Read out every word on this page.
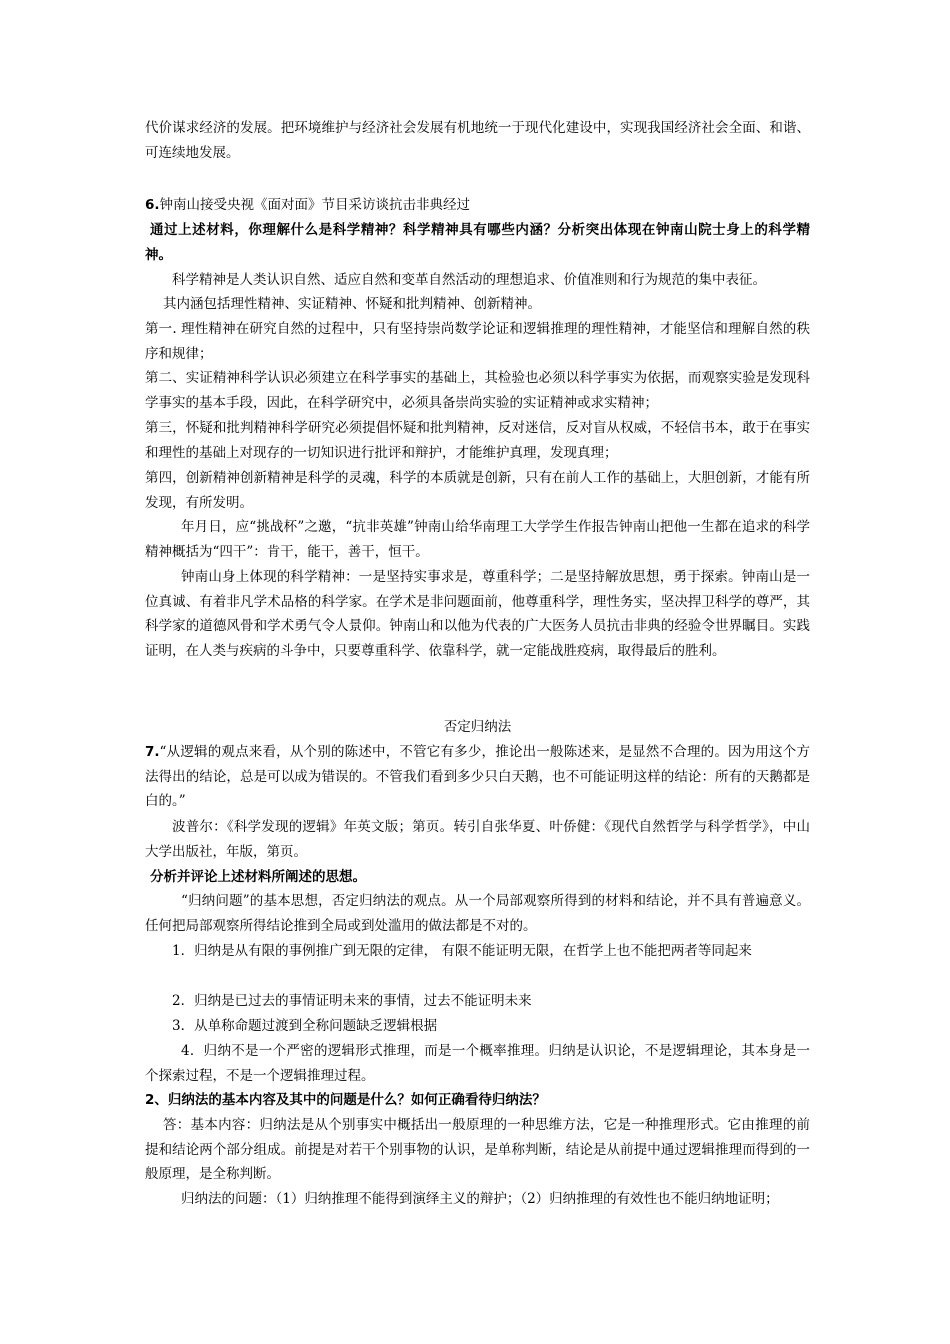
代价谋求经济的发展。把环境维护与经济社会发展有机地统一于现代化建设中，实现我国经济社会全面、和谐、可连续地发展。

6.钟南山接受央视《面对面》节目采访谈抗击非典经过

通过上述材料，你理解什么是科学精神？科学精神具有哪些内涵？分析突出体现在钟南山院士身上的科学精神。

科学精神是人类认识自然、适应自然和变革自然活动的理想追求、价值准则和行为规范的集中表征。

其内涵包括理性精神、实证精神、怀疑和批判精神、创新精神。

第一. 理性精神在研究自然的过程中，只有坚持崇尚数学论证和逻辑推理的理性精神，才能坚信和理解自然的秩序和规律；

第二、实证精神科学认识必须建立在科学事实的基础上，其检验也必须以科学事实为依据，而观察实验是发现科学事实的基本手段，因此，在科学研究中，必须具备崇尚实验的实证精神或求实精神；

第三，怀疑和批判精神科学研究必须提倡怀疑和批判精神，反对迷信，反对盲从权威，不轻信书本，敢于在事实和理性的基础上对现存的一切知识进行批评和辩护，才能维护真理，发现真理；

第四，创新精神创新精神是科学的灵魂，科学的本质就是创新，只有在前人工作的基础上，大胆创新，才能有所发现，有所发明。

年月日，应“挑战杯”之邀，“抗非英雄”钟南山给华南理工大学学生作报告钟南山把他一生都在追求的科学精神概括为“四干”：肯干，能干，善干，恒干。

钟南山身上体现的科学精神：一是坚持实事求是，尊重科学；二是坚持解放思想，勇于探索。钟南山是一位真诚、有着非凡学术品格的科学家。在学术是非问题面前，他尊重科学，理性务实，坚决捍卫科学的尊严，其科学家的道德风骨和学术勇气令人景仰。钟南山和以他为代表的广大医务人员抗击非典的经验令世界瞩目。实践证明，在人类与疾病的斗争中，只要尊重科学、依靠科学，就一定能战胜疫病，取得最后的胜利。

否定归纳法

7.“从逻辑的观点来看，从个别的陈述中，不管它有多少，推论出一般陈述来，是显然不合理的。因为用这个方法得出的结论，总是可以成为错误的。不管我们看到多少只白天鹅，也不可能证明这样的结论：所有的天鹅都是白的。”

波普尔：《科学发现的逻辑》年英文版；第页。转引自张华夏、叶侨健：《现代自然哲学与科学哲学》，中山大学出版社，年版，第页。

分析并评论上述材料所阐述的思想。

“归纳问题”的基本思想，否定归纳法的观点。从一个局部观察所得到的材料和结论，并不具有普遍意义。任何把局部观察所得结论推到全局或到处滥用的做法都是不对的。

1．归纳是从有限的事例推广到无限的定律， 有限不能证明无限，在哲学上也不能把两者等同起来

2．归纳是已过去的事情证明未来的事情，过去不能证明未来

3．从单称命题过渡到全称问题缺乏逻辑根据

4．归纳不是一个严密的逻辑形式推理，而是一个概率推理。归纳是认识论，不是逻辑理论，其本身是一个探索过程，不是一个逻辑推理过程。

2、归纳法的基本内容及其中的问题是什么？如何正确看待归纳法？

答：基本内容：归纳法是从个别事实中概括出一般原理的一种思维方法，它是一种推理形式。它由推理的前提和结论两个部分组成。前提是对若干个别事物的认识，是单称判断，结论是从前提中通过逻辑推理而得到的一般原理，是全称判断。

归纳法的问题：（1）归纳推理不能得到演绎主义的辩护；（2）归纳推理的有效性也不能归纳地证明；
